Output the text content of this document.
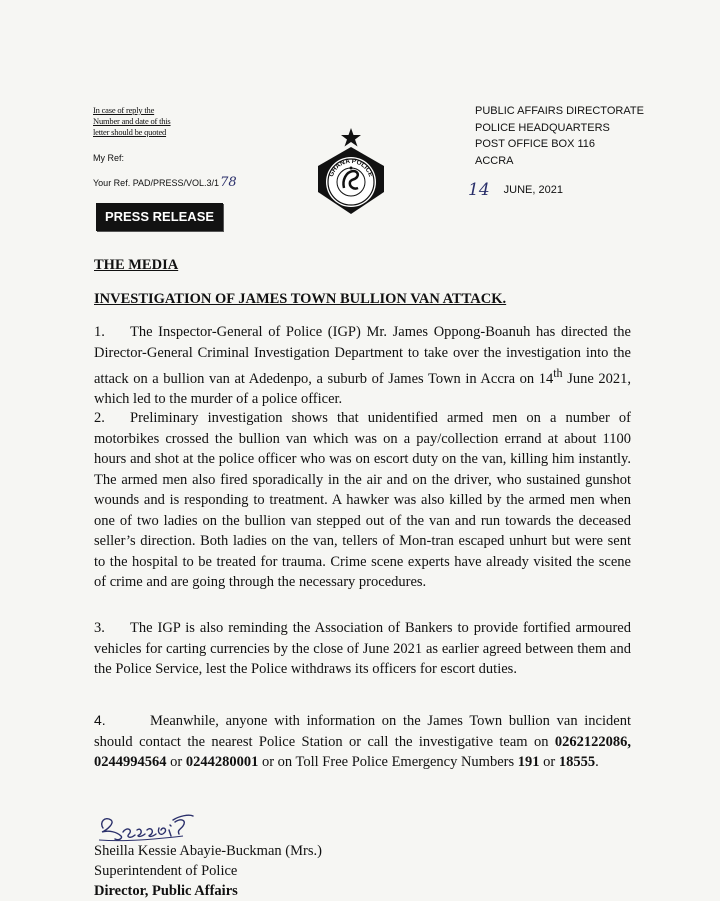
In case of reply the
Number and date of this
letter should be quoted
My Ref:
Your Ref. PAD/PRESS/VOL.3/178
PRESS RELEASE
GHANA POLICE
SERVICE WITH INTEGRITY
PUBLIC AFFAIRS DIRECTORATE
POLICE HEADQUARTERS
POST OFFICE BOX 116
ACCRA
14 JUNE, 2021
THE MEDIA
INVESTIGATION OF JAMES TOWN BULLION VAN ATTACK.

1. The Inspector-General of Police (IGP) Mr. James Oppong-Boanuh has directed the Director-General Criminal Investigation Department to take over the investigation into the attack on a bullion van at Adedenpo, a suburb of James Town in Accra on 14th June 2021, which led to the murder of a police officer.

2. Preliminary investigation shows that unidentified armed men on a number of motorbikes crossed the bullion van which was on a pay/collection errand at about 1100 hours and shot at the police officer who was on escort duty on the van, killing him instantly. The armed men also fired sporadically in the air and on the driver, who sustained gunshot wounds and is responding to treatment. A hawker was also killed by the armed men when one of two ladies on the bullion van stepped out of the van and run towards the deceased seller’s direction. Both ladies on the van, tellers of Mon-tran escaped unhurt but were sent to the hospital to be treated for trauma. Crime scene experts have already visited the scene of crime and are going through the necessary procedures.

3. The IGP is also reminding the Association of Bankers to provide fortified armoured vehicles for carting currencies by the close of June 2021 as earlier agreed between them and the Police Service, lest the Police withdraws its officers for escort duties.

4.	Meanwhile, anyone with information on the James Town bullion van incident should contact the nearest Police Station or call the investigative team on 0262122086, 0244994564 or 0244280001 or on Toll Free Police Emergency Numbers 191 or 18555.

Sheilla Kessie Abayie-Buckman (Mrs.)
Superintendent of Police
Director, Public Affairs
